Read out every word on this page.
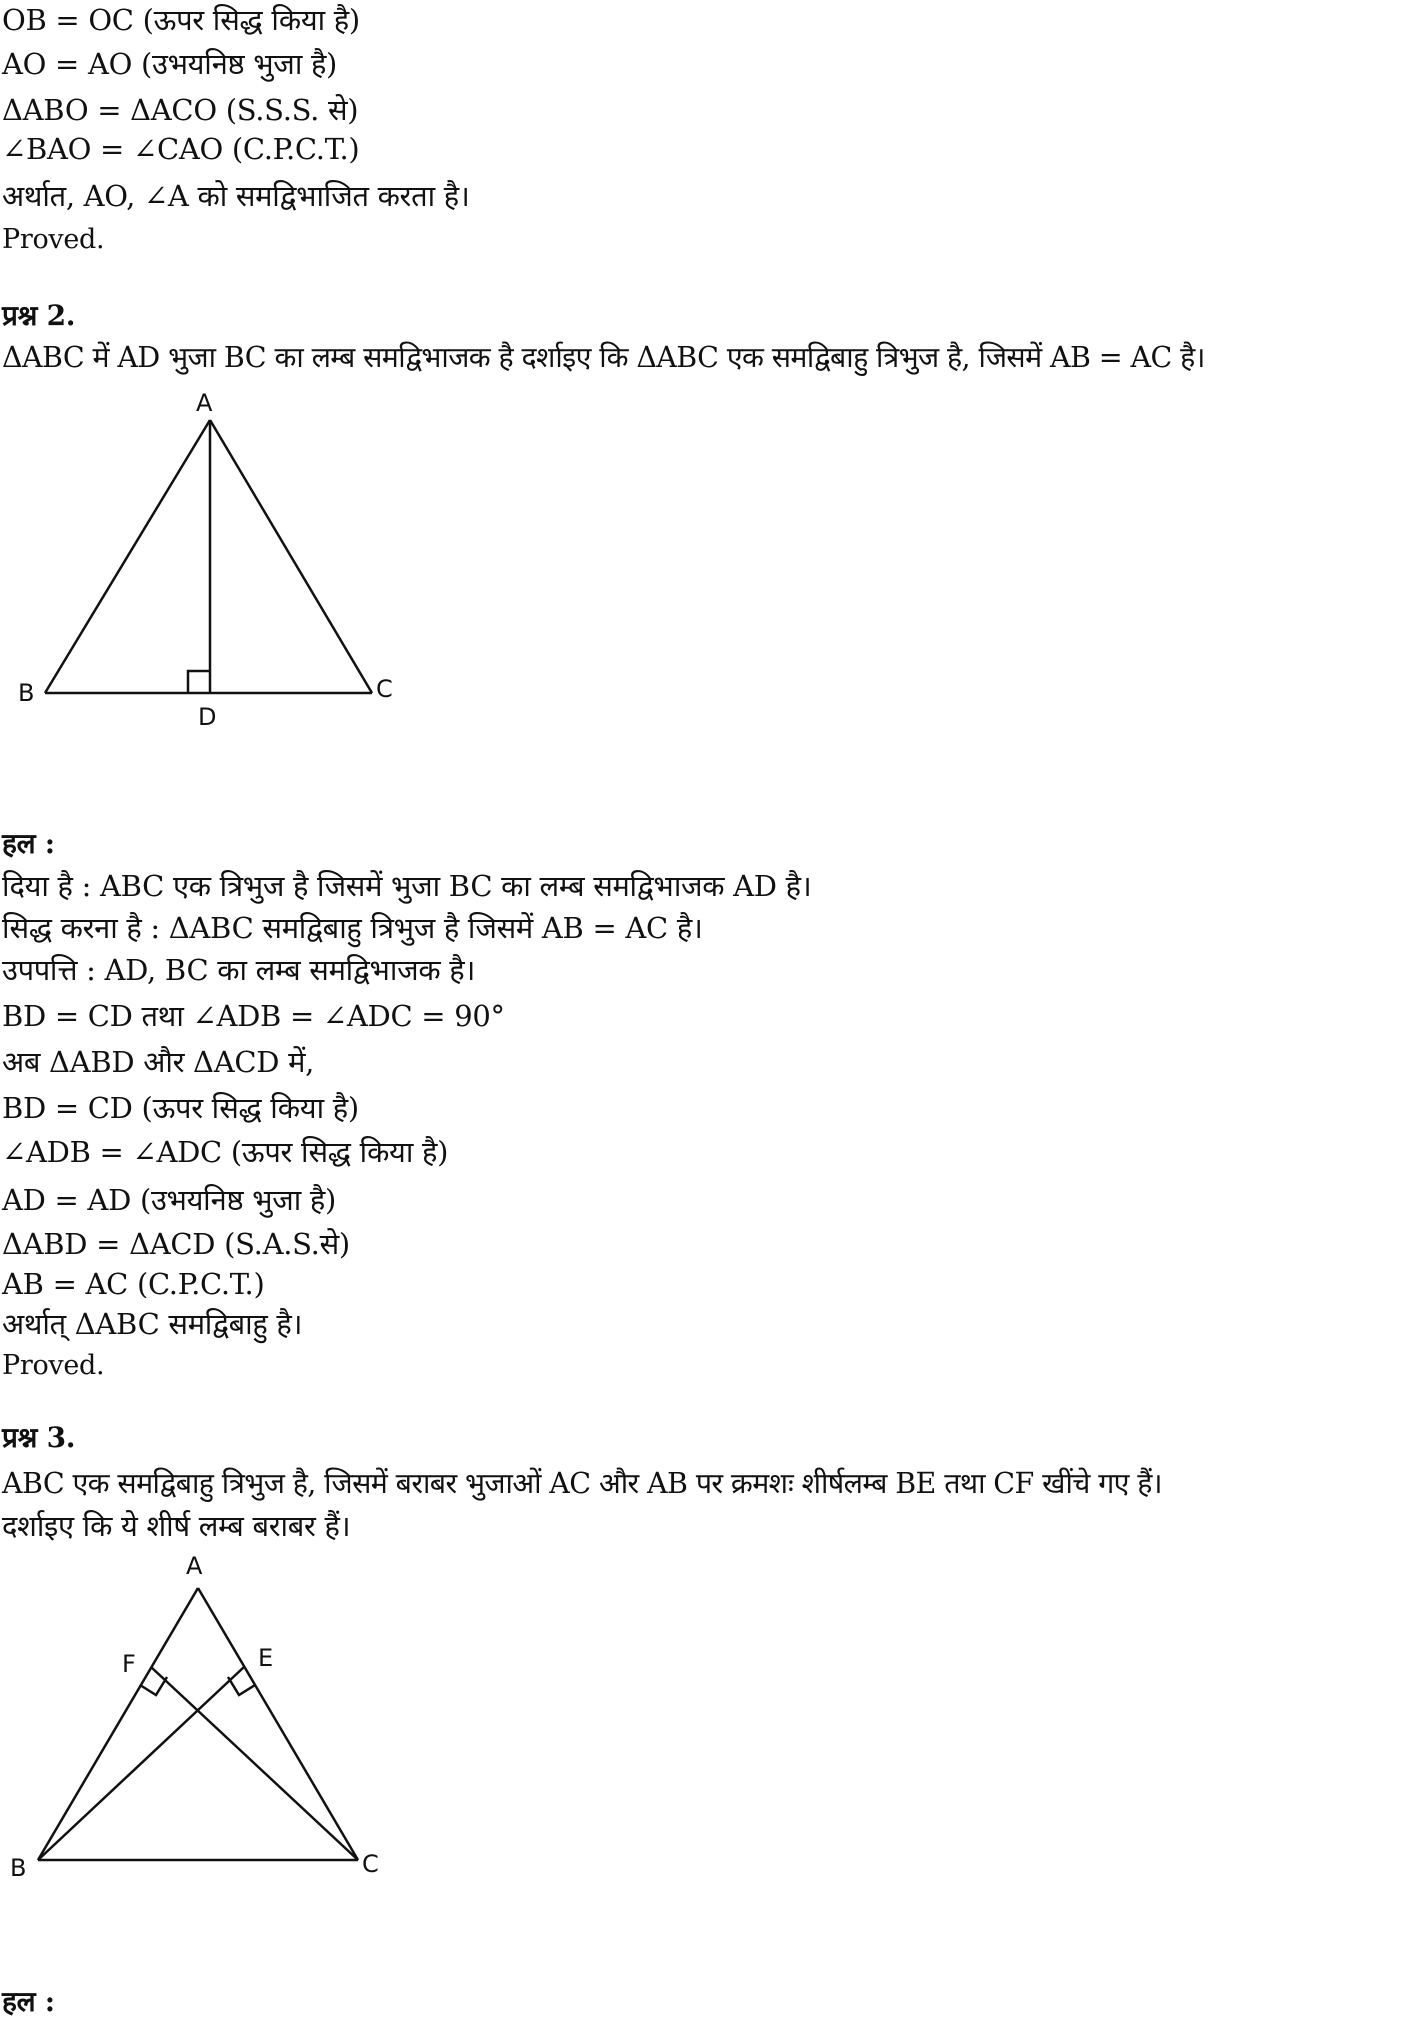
OB = OC (ऊपर सिद्ध किया है)

AO = AO (उभयनिष्ठ भुजा है)

ΔABO = ΔACO (S.S.S. से)

∠BAO = ∠CAO (C.P.C.T.)

अर्थात, AO, ∠A को समद्विभाजित करता है।

Proved.

प्रश्न 2.

ΔABC में AD भुजा BC का लम्ब समद्विभाजक है दर्शाइए कि ΔABC एक समद्विबाहु त्रिभुज है, जिसमें AB = AC है।

A
B	C
D

हल :

दिया है : ABC एक त्रिभुज है जिसमें भुजा BC का लम्ब समद्विभाजक AD है।

सिद्ध करना है : ΔABC समद्विबाहु त्रिभुज है जिसमें AB = AC है।

उपपत्ति : AD, BC का लम्ब समद्विभाजक है।

BD = CD तथा ∠ADB = ∠ADC = 90°

अब ΔABD और ΔACD में,

BD = CD (ऊपर सिद्ध किया है)

∠ADB = ∠ADC (ऊपर सिद्ध किया है)

AD = AD (उभयनिष्ठ भुजा है)

ΔABD = ΔACD (S.A.S.से)

AB = AC (C.P.C.T.)

अर्थात् ΔABC समद्विबाहु है।

Proved.

प्रश्न 3.

ABC एक समद्विबाहु त्रिभुज है, जिसमें बराबर भुजाओं AC और AB पर क्रमशः शीर्षलम्ब BE तथा CF खींचे गए हैं।

दर्शाइए कि ये शीर्ष लम्ब बराबर हैं।

A
F	E
B	C

हल :
